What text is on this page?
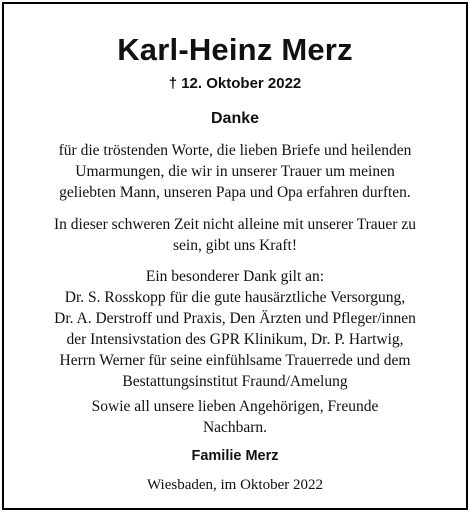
Karl-Heinz Merz
† 12. Oktober 2022
Danke
für die tröstenden Worte, die lieben Briefe und heilenden
Umarmungen, die wir in unserer Trauer um meinen
geliebten Mann, unseren Papa und Opa erfahren durften.
In dieser schweren Zeit nicht alleine mit unserer Trauer zu
sein, gibt uns Kraft!
Ein besonderer Dank gilt an:
Dr. S. Rosskopp für die gute hausärztliche Versorgung,
Dr. A. Derstroff und Praxis, Den Ärzten und Pfleger/innen
der Intensivstation des GPR Klinikum, Dr. P. Hartwig,
Herrn Werner für seine einfühlsame Trauerrede und dem
Bestattungsinstitut Fraund/Amelung
Sowie all unsere lieben Angehörigen, Freunde
Nachbarn.
Familie Merz
Wiesbaden, im Oktober 2022
